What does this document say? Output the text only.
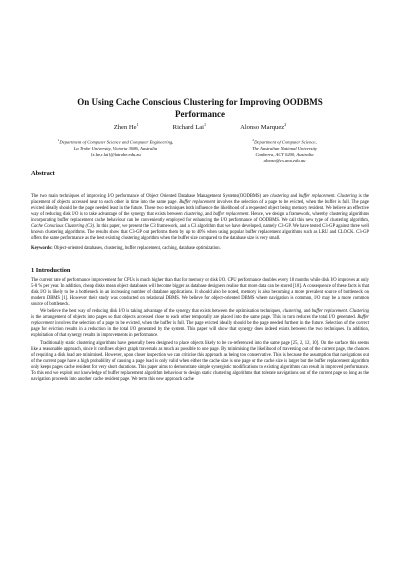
On Using Cache Conscious Clustering for Improving OODBMS
Performance
Zhen He$^1$	Richard Lai$^1$	Alonso Marquez$^2$
$^1$Department of Computer Science and Computer Engineering,
La Trobe University, Victoria 3086, Australia
{z.he,r.lai}@latrobe.edu.au
$^2$Department of Computer Science,
The Australian National University
Canberra, ACT 0200, Australia
alonso@cs.anu.edu.au
Abstract

The two main techniques of improving I/O performance of Object Oriented Database Management Systems(OODBMS) are clustering and buffer replacement. Clustering is the placement of objects accessed near to each other in time into the same page. Buffer replacement involves the selection of a page to be evicted, when the buffer is full. The page evicted ideally should be the page needed least in the future. These two techniques both influence the likelihood of a requested object being memory resident. We believe an effective way of reducing disk I/O is to take advantage of the synergy that exists between clustering, and buffer replacement. Hence, we design a framework, whereby clustering algorithms incorporating buffer replacement cache behaviour can be conveniently employed for enhancing the I/O performance of OODBMS. We call this new type of clustering algorithm, Cache Conscious Clustering (C3). In this paper, we present the C3 framework, and a C3 algorithm that we have developed, namely C3-GP. We have tested C3-GP against three well known clustering algorithms. The results show that C3-GP out performs them by up to 40% when using popular buffer replacement algorithms such as LRU and CLOCK. C3-GP offers the same performance as the best existing clustering algorithm when the buffer size compared to the database size is very small.

Keywords: Object-oriented databases, clustering, buffer replacement, caching, database optimization.

1 Introduction

The current rate of performance improvement for CPUs is much higher than that for memory or disk I/O. CPU performance doubles every 18 months while disk I/O improves at only 5-8 % per year. In addition, cheap disks mean object databases will become bigger as database designers realise that more data can be stored [18]. A consequence of these facts is that disk I/O is likely to be a bottleneck in an increasing number of database applications. It should also be noted, memory is also becoming a more prevalent source of bottleneck on modern DBMS [1]. However their study was conducted on relational DBMS. We believe for object-oriented DBMS where navigation is common, I/O may be a more common source of bottleneck.

We believe the best way of reducing disk I/O is taking advantage of the synergy that exists between the optimisation techniques, clustering, and buffer replacement. Clustering is the arrangement of objects into pages so that objects accessed close to each other temporally are placed into the same page. This in turn reduces the total I/O generated. Buffer replacement involves the selection of a page to be evicted, when the buffer is full. The page evicted ideally should be the page needed furthest in the future. Selection of the correct page for eviction results in a reduction in the total I/O generated by the system. This paper will show that synergy does indeed exists between the two techniques. In addition, exploitation of that synergy results in improvements in performance.

Traditionally static clustering algorithms have generally been designed to place objects likely to be co-referenced into the same page [25, 2, 12, 10]. On the surface this seems like a reasonable approach, since it confines object graph traversals as much as possible to one page. By minimising the likelihood of traversing out of the current page, the chances of requiring a disk load are minimised. However, upon closer inspection we can criticise this approach as being too conservative. This is because the assumption that navigations out of the current page have a high probability of causing a page load is only valid when either the cache size is one page or the cache size is larger but the buffer replacement algorithm only keeps pages cache resident for very short durations. This paper aims to demonstrate simple synergistic modifications to existing algorithms can result in improved performance. To this end we exploit our knowledge of buffer replacement algorithm behaviour to design static clustering algorithms that tolerate navigations out of the current page so long as the navigation proceeds into another cache resident page. We term this new approach cache
